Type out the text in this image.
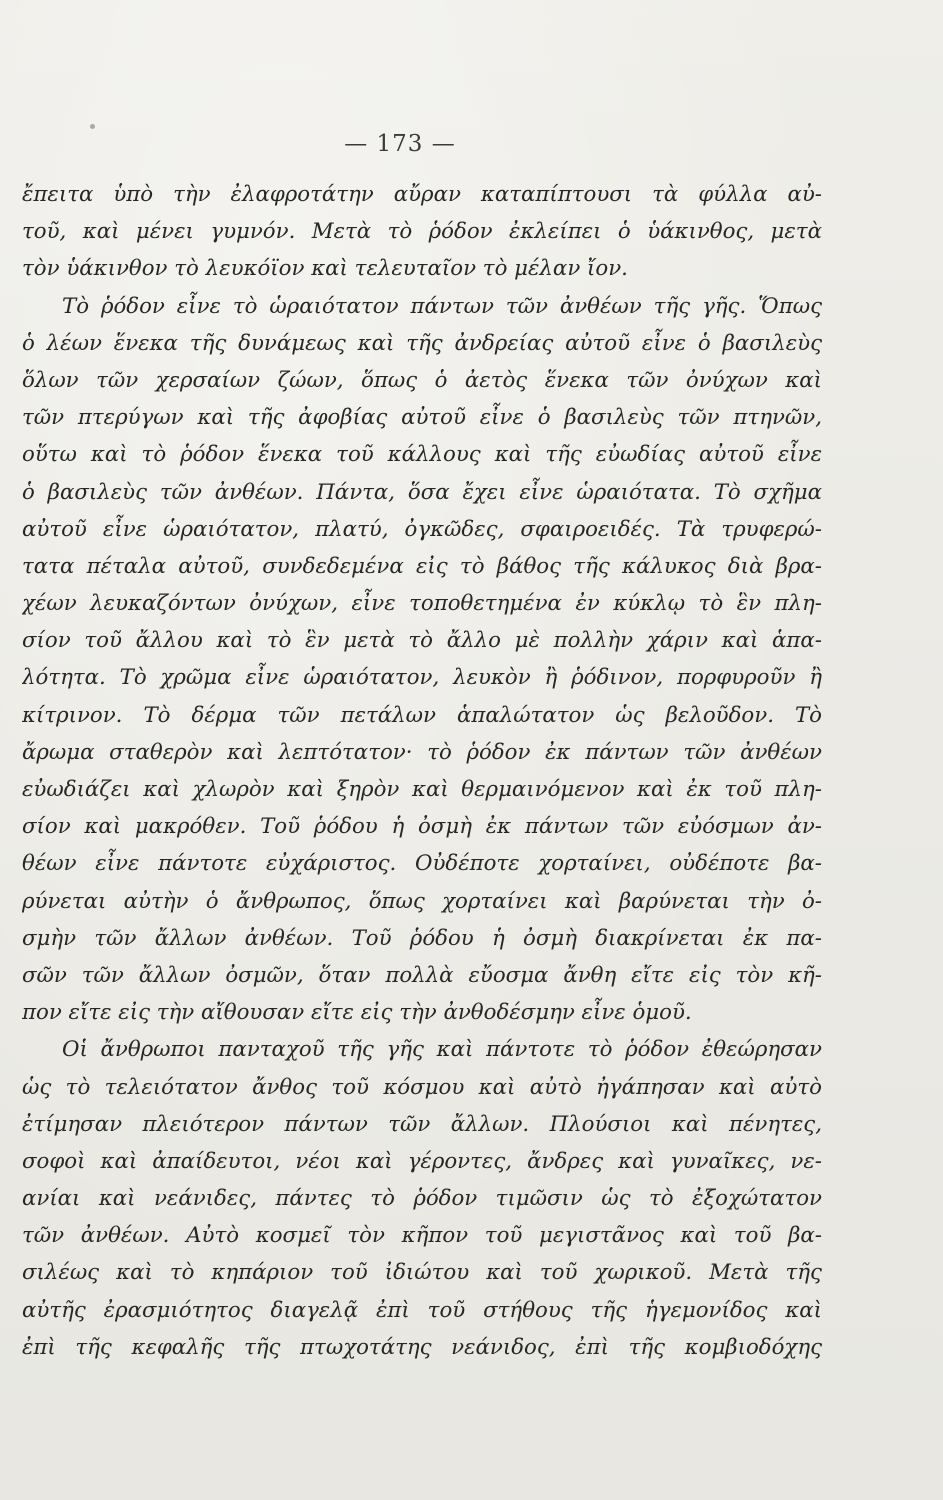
— 173 —
ἔπειτα ὑπὸ τὴν ἐλαφροτάτην αὔραν καταπίπτουσι τὰ φύλλα αὐ-
τοῦ, καὶ μένει γυμνόν. Μετὰ τὸ ῥόδον ἐκλείπει ὁ ὑάκινθος, μετὰ
τὸν ὑάκινθον τὸ λευκόϊον καὶ τελευταῖον τὸ μέλαν ἴον.
Τὸ ῥόδον εἶνε τὸ ὡραιότατον πάντων τῶν ἀνθέων τῆς γῆς. Ὅπως
ὁ λέων ἕνεκα τῆς δυνάμεως καὶ τῆς ἀνδρείας αὐτοῦ εἶνε ὁ βασιλεὺς
ὅλων τῶν χερσαίων ζώων, ὅπως ὁ ἀετὸς ἕνεκα τῶν ὀνύχων καὶ
τῶν πτερύγων καὶ τῆς ἀφοβίας αὐτοῦ εἶνε ὁ βασιλεὺς τῶν πτηνῶν,
οὕτω καὶ τὸ ῥόδον ἕνεκα τοῦ κάλλους καὶ τῆς εὐωδίας αὐτοῦ εἶνε
ὁ βασιλεὺς τῶν ἀνθέων. Πάντα, ὅσα ἔχει εἶνε ὡραιότατα. Τὸ σχῆμα
αὐτοῦ εἶνε ὡραιότατον, πλατύ, ὀγκῶδες, σφαιροειδές. Τὰ τρυφερώ-
τατα πέταλα αὐτοῦ, συνδεδεμένα εἰς τὸ βάθος τῆς κάλυκος διὰ βρα-
χέων λευκαζόντων ὀνύχων, εἶνε τοποθετημένα ἐν κύκλῳ τὸ ἓν πλη-
σίον τοῦ ἄλλου καὶ τὸ ἓν μετὰ τὸ ἄλλο μὲ πολλὴν χάριν καὶ ἁπα-
λότητα. Τὸ χρῶμα εἶνε ὡραιότατον, λευκὸν ἢ ῥόδινον, πορφυροῦν ἢ
κίτρινον. Τὸ δέρμα τῶν πετάλων ἁπαλώτατον ὡς βελοῦδον. Τὸ
ἄρωμα σταθερὸν καὶ λεπτότατον· τὸ ῥόδον ἐκ πάντων τῶν ἀνθέων
εὐωδιάζει καὶ χλωρὸν καὶ ξηρὸν καὶ θερμαινόμενον καὶ ἐκ τοῦ πλη-
σίον καὶ μακρόθεν. Τοῦ ῥόδου ἡ ὀσμὴ ἐκ πάντων τῶν εὐόσμων ἀν-
θέων εἶνε πάντοτε εὐχάριστος. Οὐδέποτε χορταίνει, οὐδέποτε βα-
ρύνεται αὐτὴν ὁ ἄνθρωπος, ὅπως χορταίνει καὶ βαρύνεται τὴν ὀ-
σμὴν τῶν ἄλλων ἀνθέων. Τοῦ ῥόδου ἡ ὀσμὴ διακρίνεται ἐκ πα-
σῶν τῶν ἄλλων ὀσμῶν, ὅταν πολλὰ εὔοσμα ἄνθη εἴτε εἰς τὸν κῆ-
πον εἴτε εἰς τὴν αἴθουσαν εἴτε εἰς τὴν ἀνθοδέσμην εἶνε ὁμοῦ.
Οἱ ἄνθρωποι πανταχοῦ τῆς γῆς καὶ πάντοτε τὸ ῥόδον ἐθεώρησαν
ὡς τὸ τελειότατον ἄνθος τοῦ κόσμου καὶ αὐτὸ ἠγάπησαν καὶ αὐτὸ
ἐτίμησαν πλειότερον πάντων τῶν ἄλλων. Πλούσιοι καὶ πένητες,
σοφοὶ καὶ ἀπαίδευτοι, νέοι καὶ γέροντες, ἄνδρες καὶ γυναῖκες, νε-
ανίαι καὶ νεάνιδες, πάντες τὸ ῥόδον τιμῶσιν ὡς τὸ ἐξοχώτατον
τῶν ἀνθέων. Αὐτὸ κοσμεῖ τὸν κῆπον τοῦ μεγιστᾶνος καὶ τοῦ βα-
σιλέως καὶ τὸ κηπάριον τοῦ ἰδιώτου καὶ τοῦ χωρικοῦ. Μετὰ τῆς
αὐτῆς ἐρασμιότητος διαγελᾷ ἐπὶ τοῦ στήθους τῆς ἡγεμονίδος καὶ
ἐπὶ τῆς κεφαλῆς τῆς πτωχοτάτης νεάνιδος, ἐπὶ τῆς κομβιοδόχης
